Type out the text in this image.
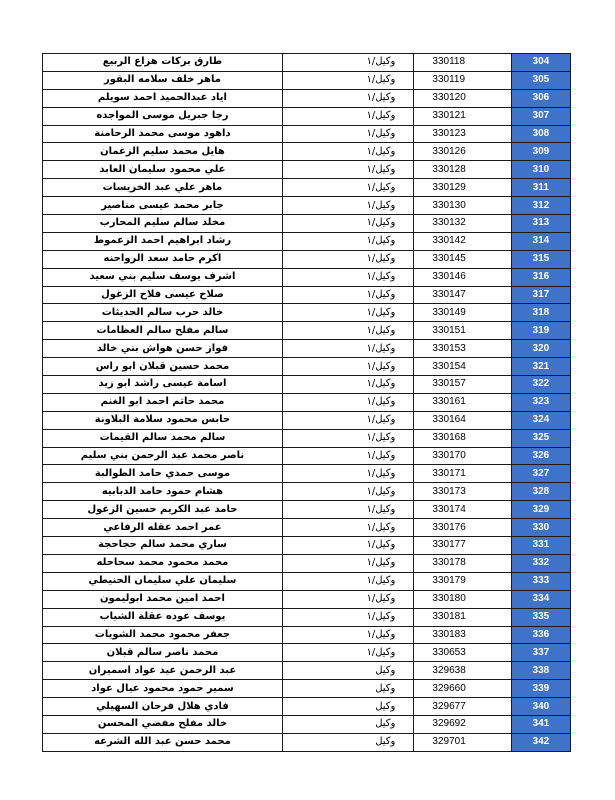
طارق بركات هزاع الربيع	وكيل/١	330118	304
ماهر خلف سلامه البقور	وكيل/١	330119	305
اياد عبدالحميد احمد سويلم	وكيل/١	330120	306
رجا جبريل موسى المواجده	وكيل/١	330121	307
داهود موسى محمد الرحامنة	وكيل/١	330123	308
هايل محمد سليم الزغمان	وكيل/١	330126	309
علي محمود سليمان العابد	وكيل/١	330128	310
ماهر علي عبد الخريسات	وكيل/١	330129	311
جابر محمد عيسى مناصير	وكيل/١	330130	312
مخلد سالم سليم المحارب	وكيل/١	330132	313
رشاد ابراهيم احمد الزعموط	وكيل/١	330142	314
اكرم حامد سعد الرواحنه	وكيل/١	330145	315
اشرف يوسف سليم بني سعيد	وكيل/١	330146	316
صلاح عيسى فلاح الزغول	وكيل/١	330147	317
خالد حرب سالم الحديثات	وكيل/١	330149	318
سالم مفلح سالم العظامات	وكيل/١	330151	319
فواز حسن هواش بني خالد	وكيل/١	330153	320
محمد حسين قبلان ابو راس	وكيل/١	330154	321
اسامة عيسى راشد ابو زيد	وكيل/١	330157	322
محمد حاتم احمد ابو الغنم	وكيل/١	330161	323
حابس محمود سلامة البلاونة	وكيل/١	330164	324
سالم محمد سالم القيمات	وكيل/١	330168	325
ناصر محمد عبد الرحمن بني سليم	وكيل/١	330170	326
موسى حمدي حامد الطوالبة	وكيل/١	330171	327
هشام حمود حامد الدبابيه	وكيل/١	330173	328
حامد عبد الكريم حسين الزغول	وكيل/١	330174	329
عمر احمد عقله الرفاعي	وكيل/١	330176	330
ساري محمد سالم حجاحجة	وكيل/١	330177	331
محمد محمود محمد سحاحله	وكيل/١	330178	332
سليمان علي سليمان الحنيطي	وكيل/١	330179	333
احمد امين محمد ابوليمون	وكيل/١	330180	334
يوسف عوده عقلة الشياب	وكيل/١	330181	335
جعفر محمود محمد الشويات	وكيل/١	330183	336
محمد ناصر سالم قبلان	وكيل/١	330653	337
عبد الرحمن عيد عواد اسميران	وكيل	329638	338
سمير حمود محمود عيال عواد	وكيل	329660	339
فادي هلال فرحان السهيلي	وكيل	329677	340
خالد مفلح مفضي المحسن	وكيل	329692	341
محمد حسن عبد الله الشرعه	وكيل	329701	342
